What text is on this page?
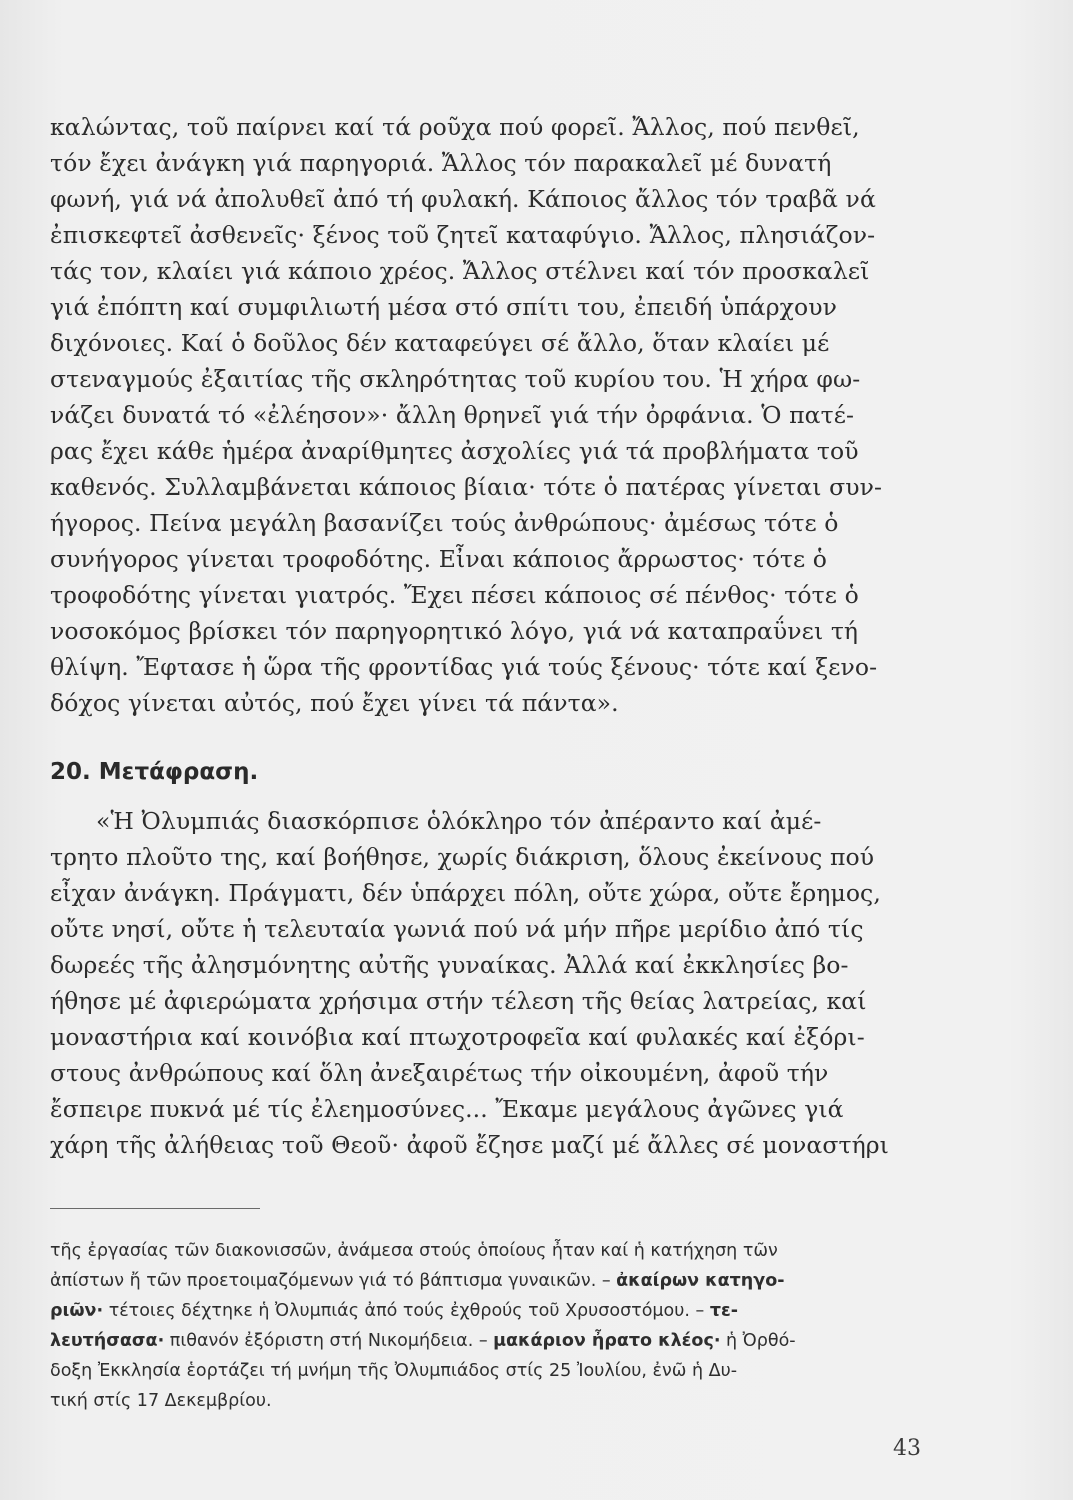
καλώντας, τοῦ παίρνει καί τά ροῦχα πού φορεῖ. Ἄλλος, πού πενθεῖ,
τόν ἔχει ἀνάγκη γιά παρηγοριά. Ἄλλος τόν παρακαλεῖ μέ δυνατή
φωνή, γιά νά ἀπολυθεῖ ἀπό τή φυλακή. Κάποιος ἄλλος τόν τραβᾶ νά
ἐπισκεφτεῖ ἀσθενεῖς· ξένος τοῦ ζητεῖ καταφύγιο. Ἄλλος, πλησιάζον-
τάς τον, κλαίει γιά κάποιο χρέος. Ἄλλος στέλνει καί τόν προσκαλεῖ
γιά ἐπόπτη καί συμφιλιωτή μέσα στό σπίτι του, ἐπειδή ὑπάρχουν
διχόνοιες. Καί ὁ δοῦλος δέν καταφεύγει σέ ἄλλο, ὅταν κλαίει μέ
στεναγμούς ἐξαιτίας τῆς σκληρότητας τοῦ κυρίου του. Ἡ χήρα φω-
νάζει δυνατά τό «ἐλέησον»· ἄλλη θρηνεῖ γιά τήν ὀρφάνια. Ὁ πατέ-
ρας ἔχει κάθε ἡμέρα ἀναρίθμητες ἀσχολίες γιά τά προβλήματα τοῦ
καθενός. Συλλαμβάνεται κάποιος βίαια· τότε ὁ πατέρας γίνεται συν-
ήγορος. Πείνα μεγάλη βασανίζει τούς ἀνθρώπους· ἀμέσως τότε ὁ
συνήγορος γίνεται τροφοδότης. Εἶναι κάποιος ἄρρωστος· τότε ὁ
τροφοδότης γίνεται γιατρός. Ἔχει πέσει κάποιος σέ πένθος· τότε ὁ
νοσοκόμος βρίσκει τόν παρηγορητικό λόγο, γιά νά καταπραΰνει τή
θλίψη. Ἔφτασε ἡ ὥρα τῆς φροντίδας γιά τούς ξένους· τότε καί ξενο-
δόχος γίνεται αὐτός, πού ἔχει γίνει τά πάντα».
20. Μετάφραση.
«Ἡ Ὀλυμπιάς διασκόρπισε ὁλόκληρο τόν ἀπέραντο καί ἀμέ-
τρητο πλοῦτο της, καί βοήθησε, χωρίς διάκριση, ὅλους ἐκείνους πού
εἶχαν ἀνάγκη. Πράγματι, δέν ὑπάρχει πόλη, οὔτε χώρα, οὔτε ἔρημος,
οὔτε νησί, οὔτε ἡ τελευταία γωνιά πού νά μήν πῆρε μερίδιο ἀπό τίς
δωρεές τῆς ἀλησμόνητης αὐτῆς γυναίκας. Ἀλλά καί ἐκκλησίες βο-
ήθησε μέ ἀφιερώματα χρήσιμα στήν τέλεση τῆς θείας λατρείας, καί
μοναστήρια καί κοινόβια καί πτωχοτροφεῖα καί φυλακές καί ἐξόρι-
στους ἀνθρώπους καί ὅλη ἀνεξαιρέτως τήν οἰκουμένη, ἀφοῦ τήν
ἔσπειρε πυκνά μέ τίς ἐλεημοσύνες... Ἔκαμε μεγάλους ἀγῶνες γιά
χάρη τῆς ἀλήθειας τοῦ Θεοῦ· ἀφοῦ ἔζησε μαζί μέ ἄλλες σέ μοναστήρι
τῆς ἐργασίας τῶν διακονισσῶν, ἀνάμεσα στούς ὁποίους ἦταν καί ἡ κατήχηση τῶν
ἀπίστων ἤ τῶν προετοιμαζόμενων γιά τό βάπτισμα γυναικῶν. – ἀκαίρων κατηγο-
ριῶν· τέτοιες δέχτηκε ἡ Ὀλυμπιάς ἀπό τούς ἐχθρούς τοῦ Χρυσοστόμου. – τε-
λευτήσασα· πιθανόν ἐξόριστη στή Νικομήδεια. – μακάριον ἦρατο κλέος· ἡ Ὀρθό-
δοξη Ἐκκλησία ἑορτάζει τή μνήμη τῆς Ὀλυμπιάδος στίς 25 Ἰουλίου, ἐνῶ ἡ Δυ-
τική στίς 17 Δεκεμβρίου.
43
